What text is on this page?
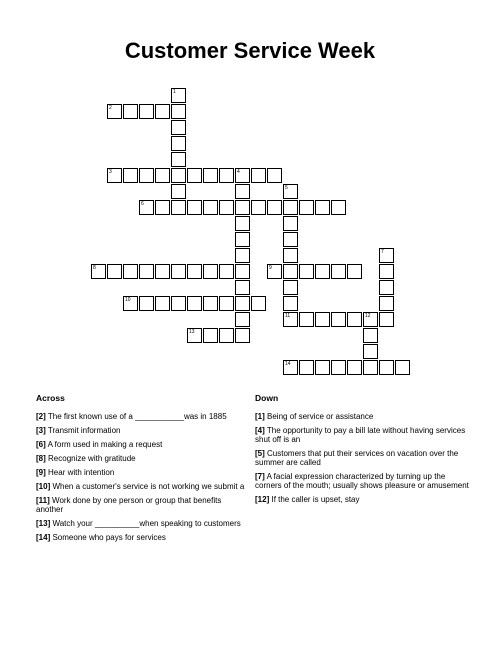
Customer Service Week
1
2
3	4
5
11
6
7
8	9
10
12
13
14
Across
[2] The first known use of a ___________was in 1885
[3] Transmit information
[6] A form used in making a request
[8] Recognize with gratitude
[9] Hear with intention
[10] When a customer's service is not working we submit a
[11] Work done by one person or group that benefits another
[13] Watch your __________when speaking to customers
[14] Someone who pays for services
Down
[1] Being of service or assistance
[4] The opportunity to pay a bill late without having services shut off is an
[5] Customers that put their services on vacation over the summer are called
[7] A facial expression characterized by turning up the corners of the mouth; usually shows pleasure or amusement
[12] If the caller is upset, stay
